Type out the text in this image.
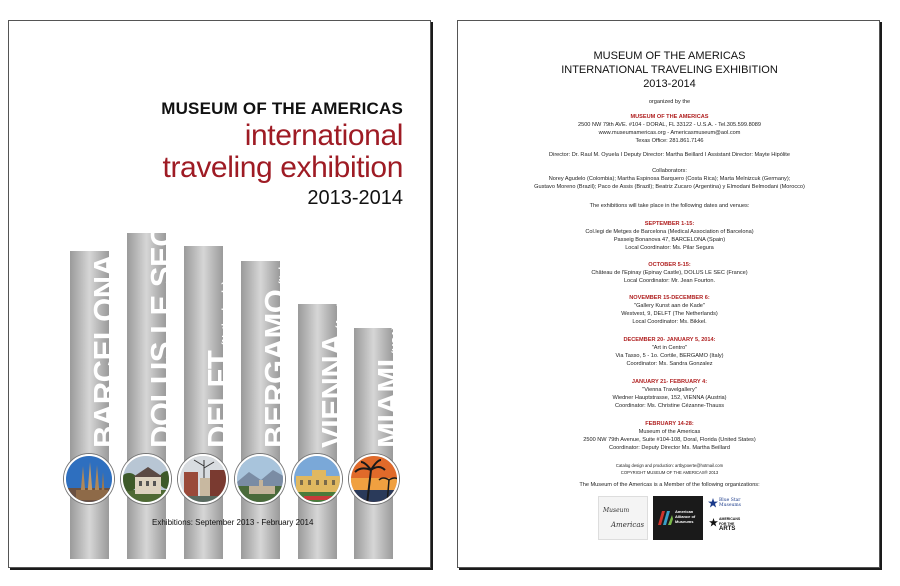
MUSEUM OF THE AMERICAS
international
traveling exhibition
2013-2014
BARCELONA(Spain) DOLUS LE SEC(France)
DELFT(Netherlands) BERGAMO(Italy)
VIENNA(Austria)
MIAMI(USA)
Exhibitions: September 2013 - February 2014
MUSEUM OF THE AMERICAS
INTERNATIONAL TRAVELING EXHIBITION
2013-2014
organized by the
MUSEUM OF THE AMERICAS
2500 NW 79th AVE. #104 - DORAL, FL 33122 - U.S.A. - Tel.305.599.8089
www.museumamericas.org - Americasmuseum@aol.com
Texas Office: 281.861.7146
Director: Dr. Raul M. Oyuela I Deputy Director: Martha Beillard I Assistant Director: Mayte Hipólite
Collaborators:
Norey Agudelo (Colombia); Martha Espinosa Barquero (Costa Rica); Marta Melnizcuk (Germany);
Gustavo Moreno (Brazil); Paco de Assis (Brazil); Beatriz Zucaro (Argentina) y Elmodani Belmodani (Morocco)
The exhibitions will take place in the following dates and venues:
SEPTEMBER 1-15:
Col.legi de Metges de Barcelona (Medical Association of Barcelona)
Passeig Bonanova 47, BARCELONA (Spain)
Local Coordinator: Ms. Pilar Segura
OCTOBER 5-15:
Château de l'Epinay (Epinay Castle), DOLUS LE SEC (France)
Local Coordinator: Mr. Jean Fourton.
NOVEMBER 15-DECEMBER 6:
"Gallery Kunst aan de Kade"
Westvest, 9, DELFT (The Netherlands)
Local Coordinator: Ms. Bikkel.
DECEMBER 20- JANUARY 5, 2014:
"Art in Centro"
Via Tasso, 5 - 1o. Cortile, BERGAMO (Italy)
Coordinator: Ms. Sandra Gonzalez
JANUARY 21- FEBRUARY 4:
"Vienna Travelgallery"
Wiedner Hauptstrasse, 152, VIENNA (Austria)
Coordinator: Ms. Christine Cézanne-Thauss
FEBRUARY 14-28:
Museum of the Americas
2500 NW 79th Avenue, Suite #104-108, Doral, Florida (United States)
Coordinator: Deputy Director Ms. Martha Beillard
Catalog design and production: artbypoerte@hotmail.com
COPYRIGHT MUSEUM OF THE AMERICAS® 2013
The Museum of the Americas is a Member of the following organizations:
Museum
Americas
American
Alliance of
Museums
Blue Star
Museums
AMERICANS
FOR THE
ARTS
